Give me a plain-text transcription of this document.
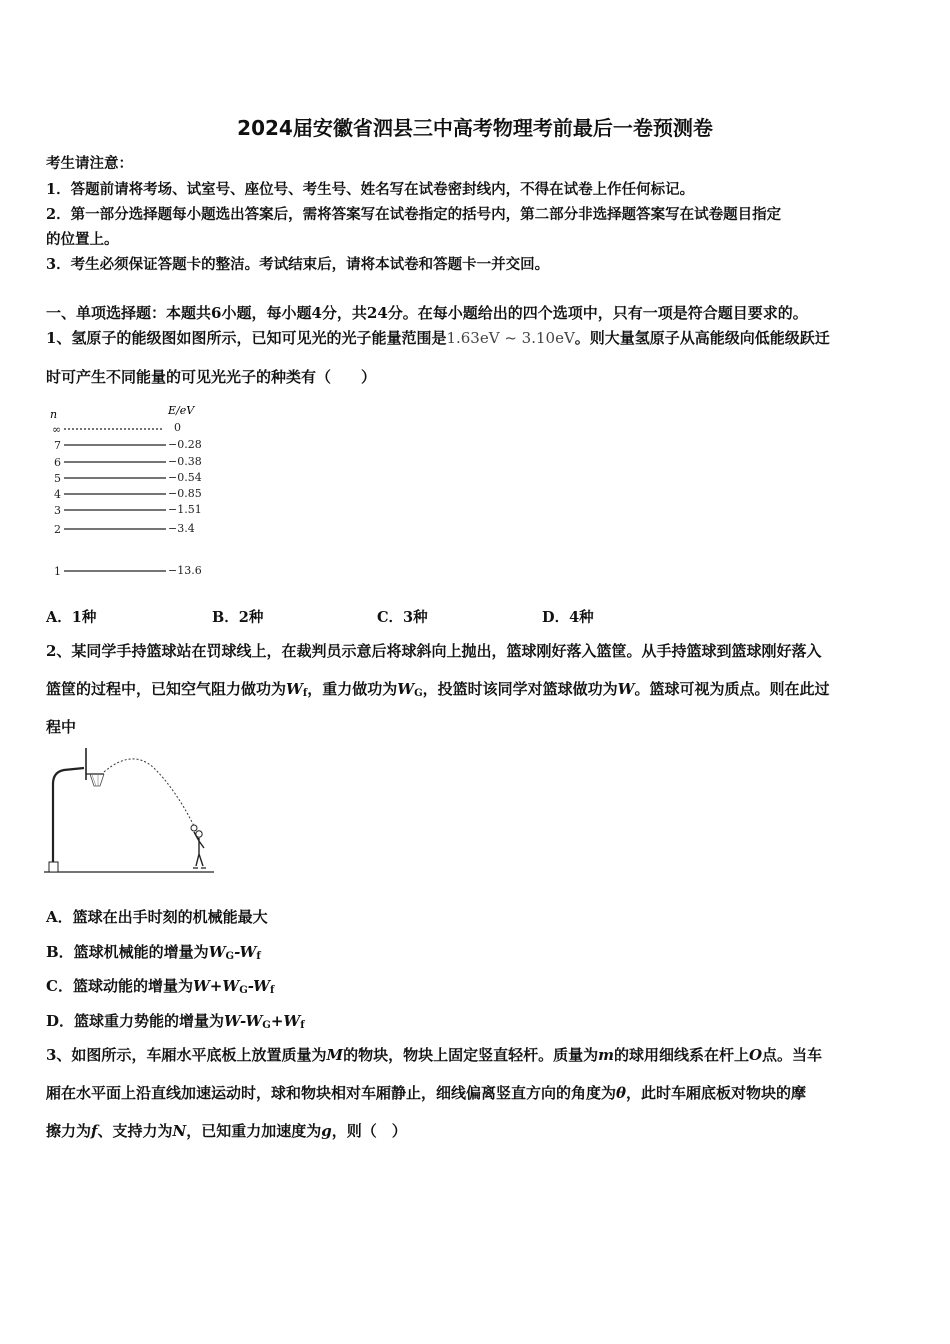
2024届安徽省泗县三中高考物理考前最后一卷预测卷
考生请注意：
1．答题前请将考场、试室号、座位号、考生号、姓名写在试卷密封线内，不得在试卷上作任何标记。
2．第一部分选择题每小题选出答案后，需将答案写在试卷指定的括号内，第二部分非选择题答案写在试卷题目指定
的位置上。
3．考生必须保证答题卡的整洁。考试结束后，请将本试卷和答题卡一并交回。
一、单项选择题：本题共6小题，每小题4分，共24分。在每小题给出的四个选项中，只有一项是符合题目要求的。
1、氢原子的能级图如图所示，已知可见光的光子能量范围是1.63eV ~ 3.10eV。则大量氢原子从高能级向低能级跃迁
时可产生不同能量的可见光光子的种类有（　　）
n	E/eV
∞
7
6
5
4
3
2
1
0
−0.28
−0.38
−0.54
−0.85
−1.51
−3.4
−13.6
A．1种	B．2种	C．3种	D．4种
2、某同学手持篮球站在罚球线上，在裁判员示意后将球斜向上抛出，篮球刚好落入篮筐。从手持篮球到篮球刚好落入
篮筐的过程中，已知空气阻力做功为$W_f$，重力做功为$W_G$，投篮时该同学对篮球做功为W。篮球可视为质点。则在此过
程中
A．篮球在出手时刻的机械能最大
B．篮球机械能的增量为$W_G-W_f$
C．篮球动能的增量为$W+W_G-W_f$
D．篮球重力势能的增量为$W-W_G+W_f$
3、如图所示，车厢水平底板上放置质量为M的物块，物块上固定竖直轻杆。质量为m的球用细线系在杆上O点。当车
厢在水平面上沿直线加速运动时，球和物块相对车厢静止，细线偏离竖直方向的角度为θ，此时车厢底板对物块的摩
擦力为f、支持力为N，已知重力加速度为g，则（　）
